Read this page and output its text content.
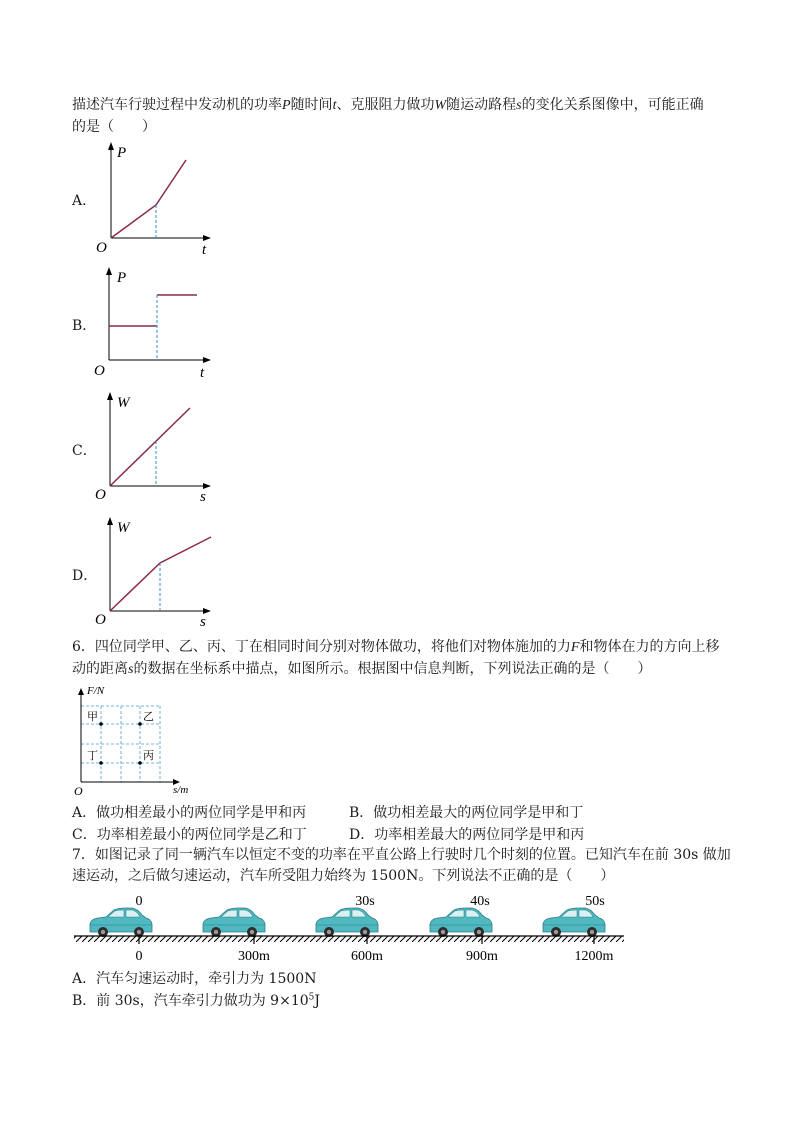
描述汽车行驶过程中发动机的功率P随时间t、克服阻力做功W随运动路程s的变化关系图像中，可能正确
的是（　　）
A．
P
t
O
B．
P
t
O
C．
W
s
O
D．
W
s
O
6．四位同学甲、乙、丙、丁在相同时间分别对物体做功，将他们对物体施加的力F和物体在力的方向上移
动的距离s的数据在坐标系中描点，如图所示。根据图中信息判断，下列说法正确的是（　　）
甲	乙
丁	丙
F/N
s/m
O
A．做功相差最小的两位同学是甲和丙	B．做功相差最大的两位同学是甲和丁
C．功率相差最小的两位同学是乙和丁	D．功率相差最大的两位同学是甲和丙
7．如图记录了同一辆汽车以恒定不变的功率在平直公路上行驶时几个时刻的位置。已知汽车在前 30s 做加
速运动，之后做匀速运动，汽车所受阻力始终为 1500N。下列说法不正确的是（　　）
0	30s	40s	50s
0	300m	600m	900m	1200m
A．汽车匀速运动时，牵引力为 1500N
B．前 30s，汽车牵引力做功为 $9\times 10^5J$
